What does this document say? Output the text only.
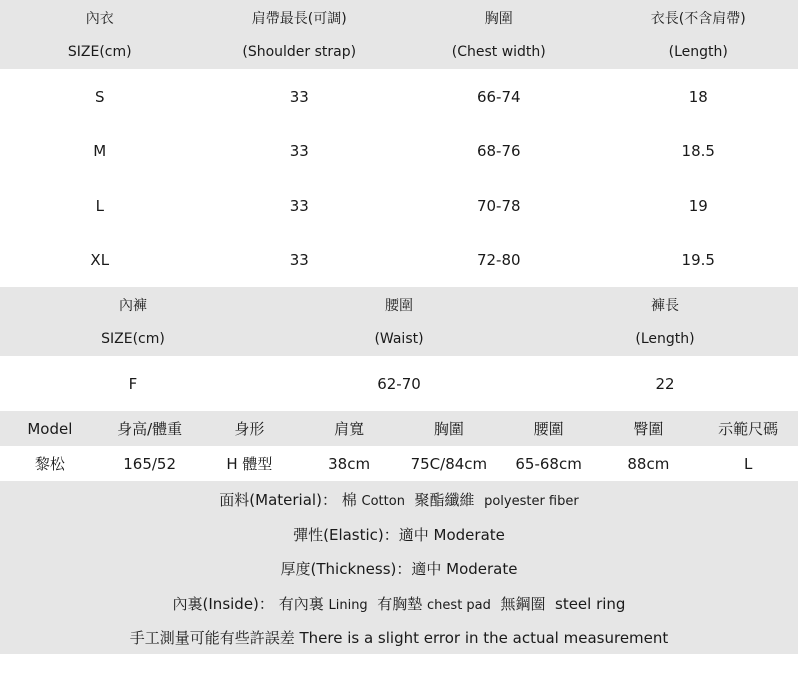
內衣	肩帶最長(可調)	胸圍	衣長(不含肩帶)
SIZE(cm)	(Shoulder strap)	(Chest width)	(Length)
S	33	66-74	18
M	33	68-76	18.5
L	33	70-78	19
XL	33	72-80	19.5
內褲	腰圍	褲長
SIZE(cm)	(Waist)	(Length)
F	62-70	22
Model	身高/體重	身形	肩寬	胸圍	腰圍	臀圍	示範尺碼
黎松	165/52	H 體型	38cm	75C/84cm	65-68cm	88cm	L
面料(Material)： 棉 Cotton 聚酯纖維 polyester fiber
彈性(Elastic)：適中 Moderate
厚度(Thickness)：適中 Moderate
內裏(Inside)： 有內裏 Lining 有胸墊 chest pad 無鋼圈 steel ring
手工測量可能有些許誤差 There is a slight error in the actual measurement
